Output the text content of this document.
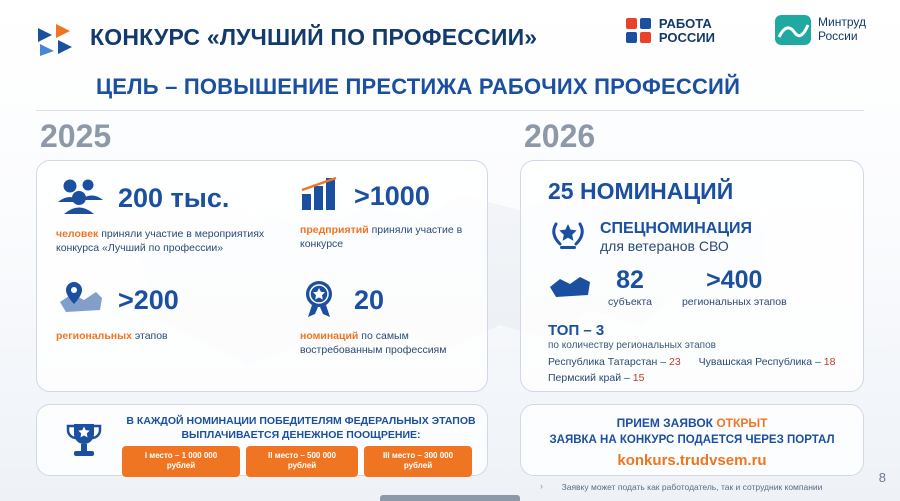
КОНКУРС «ЛУЧШИЙ ПО ПРОФЕССИИ»
РАБОТА
РОССИИ
Минтруд
России
ЦЕЛЬ – ПОВЫШЕНИЕ ПРЕСТИЖА РАБОЧИХ ПРОФЕССИЙ
2025	2026
200 тыс.
человек приняли участие в мероприятиях конкурса «Лучший по профессии»
>1000
предприятий приняли участие в конкурсе
>200
региональных этапов
20
номинаций по самым востребованным профессиям
25 НОМИНАЦИЙ
СПЕЦНОМИНАЦИЯ
для ветеранов СВО
82
субъекта
>400
региональных этапов
ТОП – 3
по количеству региональных этапов
Республика Татарстан – 23 Чувашская Республика – 18
Пермский край – 15
В КАЖДОЙ НОМИНАЦИИ ПОБЕДИТЕЛЯМ ФЕДЕРАЛЬНЫХ ЭТАПОВ
ВЫПЛАЧИВАЕТСЯ ДЕНЕЖНОЕ ПООЩРЕНИЕ:
I место – 1 000 000
рублей
II место – 500 000
рублей
III место – 300 000
рублей
ПРИЕМ ЗАЯВОК ОТКРЫТ
ЗАЯВКА НА КОНКУРС ПОДАЕТСЯ ЧЕРЕЗ ПОРТАЛ
konkurs.trudvsem.ru
›	Заявку может подать как работодатель, так и сотрудник компании
8
